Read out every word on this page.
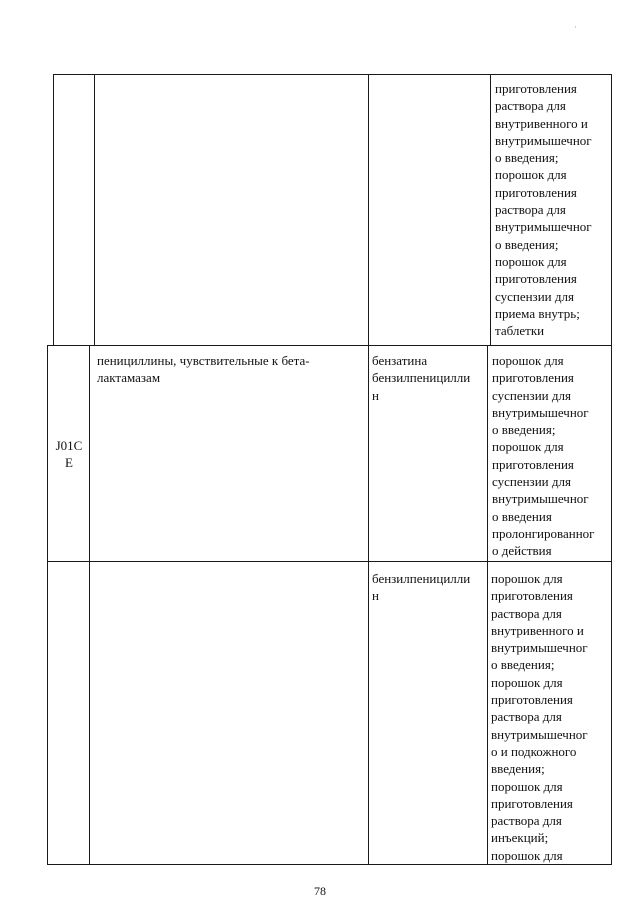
·
приготовления
раствора для
внутривенного и
внутримышечног
о введения;
порошок для
приготовления
раствора для
внутримышечног
о введения;
порошок для
приготовления
суспензии для
приема внутрь;
таблетки
J01C
E
пенициллины, чувствительные к бета-
лактамазам
бензатина
бензилпеницилли
н
порошок для
приготовления
суспензии для
внутримышечног
о введения;
порошок для
приготовления
суспензии для
внутримышечног
о введения
пролонгированног
о действия
бензилпеницилли
н
порошок для
приготовления
раствора для
внутривенного и
внутримышечног
о введения;
порошок для
приготовления
раствора для
внутримышечног
о и подкожного
введения;
порошок для
приготовления
раствора для
инъекций;
порошок для
78
